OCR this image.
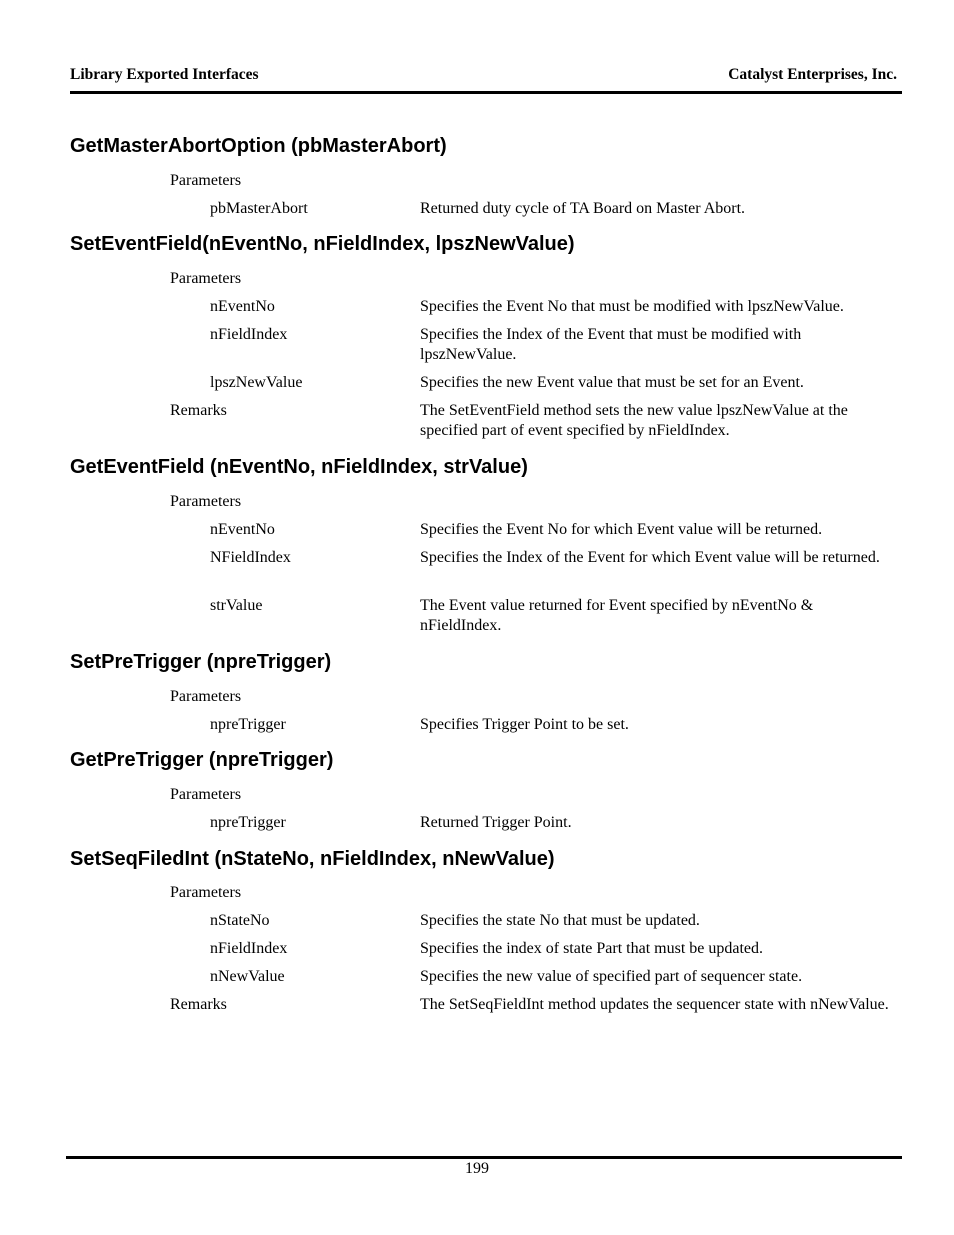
Library Exported Interfaces	Catalyst Enterprises, Inc.
GetMasterAbortOption (pbMasterAbort)
Parameters
pbMasterAbort	Returned duty cycle of TA Board on Master Abort.
SetEventField(nEventNo, nFieldIndex, lpszNewValue)
Parameters
nEventNo	Specifies the Event No that must be modified with lpszNewValue.
nFieldIndex	Specifies the Index of the Event that must be modified with lpszNewValue.
lpszNewValue	Specifies the new Event value that must be set for an Event.
Remarks	The SetEventField method sets the new value lpszNewValue at the specified part of event specified by nFieldIndex.
GetEventField (nEventNo, nFieldIndex, strValue)
Parameters
nEventNo	Specifies the Event No for which Event value will be returned.
NFieldIndex	Specifies the Index of the Event for which Event value will be returned.
strValue	The Event value returned for Event specified by nEventNo & nFieldIndex.
SetPreTrigger (npreTrigger)
Parameters
npreTrigger	Specifies Trigger Point to be set.
GetPreTrigger (npreTrigger)
Parameters
npreTrigger	Returned Trigger Point.
SetSeqFiledInt (nStateNo, nFieldIndex, nNewValue)
Parameters
nStateNo	Specifies the state No that must be updated.
nFieldIndex	Specifies the index of state Part that must be updated.
nNewValue	Specifies the new value of specified part of sequencer state.
Remarks	The SetSeqFieldInt method updates the sequencer state with nNewValue.
199
